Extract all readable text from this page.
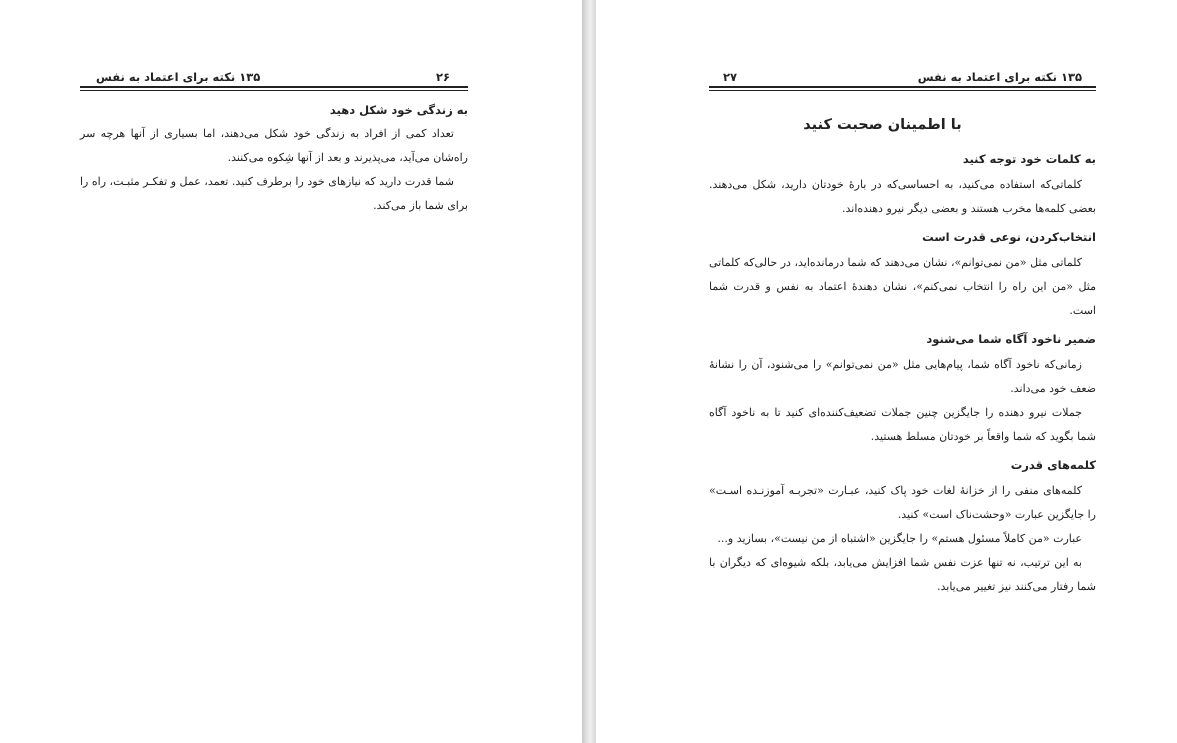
۱۳۵ نکته برای اعتماد به نفس	۲۶
به زندگی خود شکل دهید

تعداد کمی از افراد به زندگی خود شکل می‌دهند، اما بسیاری از آنها هرچه سر راه‌شان می‌آید، می‌پذیرند و بعد از آنها شِکوه می‌کنند.

شما قدرت دارید که نیازهای خود را برطرف کنید. تعمد، عمل و تفکـر مثبـت، راه را برای شما باز می‌کند.

۲۷	۱۳۵ نکته برای اعتماد به نفس
با اطمینان صحبت کنید
به کلمات خود توجه کنید

کلماتی‌که استفاده می‌کنید، به احساسی‌که در بارهٔ خودتان دارید، شکل می‌دهند. بعضی کلمه‌ها مخرب هستند و بعضی دیگر نیرو دهنده‌اند.

انتخاب‌کردن، نوعی قدرت است

کلماتی مثل «من نمی‌توانم»، نشان می‌دهند که شما درمانده‌اید، در حالی‌که کلماتی مثل «من این راه را انتخاب نمی‌کنم»، نشان دهندهٔ اعتماد به نفس و قدرت شما است.

ضمیر ناخود آگاه شما می‌شنود

زمانی‌که ناخود آگاه شما، پیام‌هایی مثل «من نمی‌توانم» را می‌شنود، آن را نشانهٔ ضعف خود می‌داند.

جملات نیرو دهنده را جایگزین چنین جملات تضعیف‌کننده‌ای کنید تا به ناخود آگاه شما بگوید که شما واقعاً بر خودتان مسلط هستید.

کلمه‌های قدرت

کلمه‌های منفی را از خزانهٔ لغات خود پاک کنید، عبـارت «تجربـه آموزنـده اسـت» را جایگزین عبارت «وحشت‌ناک است» کنید.

عبارت «من کاملاً مسئول هستم» را جایگزین «اشتباه از من نیست»، بسازید و...

به این ترتیب، نه تنها عزت نفس شما افزایش می‌یابد، بلکه شیوه‌ای که دیگران با شما رفتار می‌کنند نیز تغییر می‌یابد.
